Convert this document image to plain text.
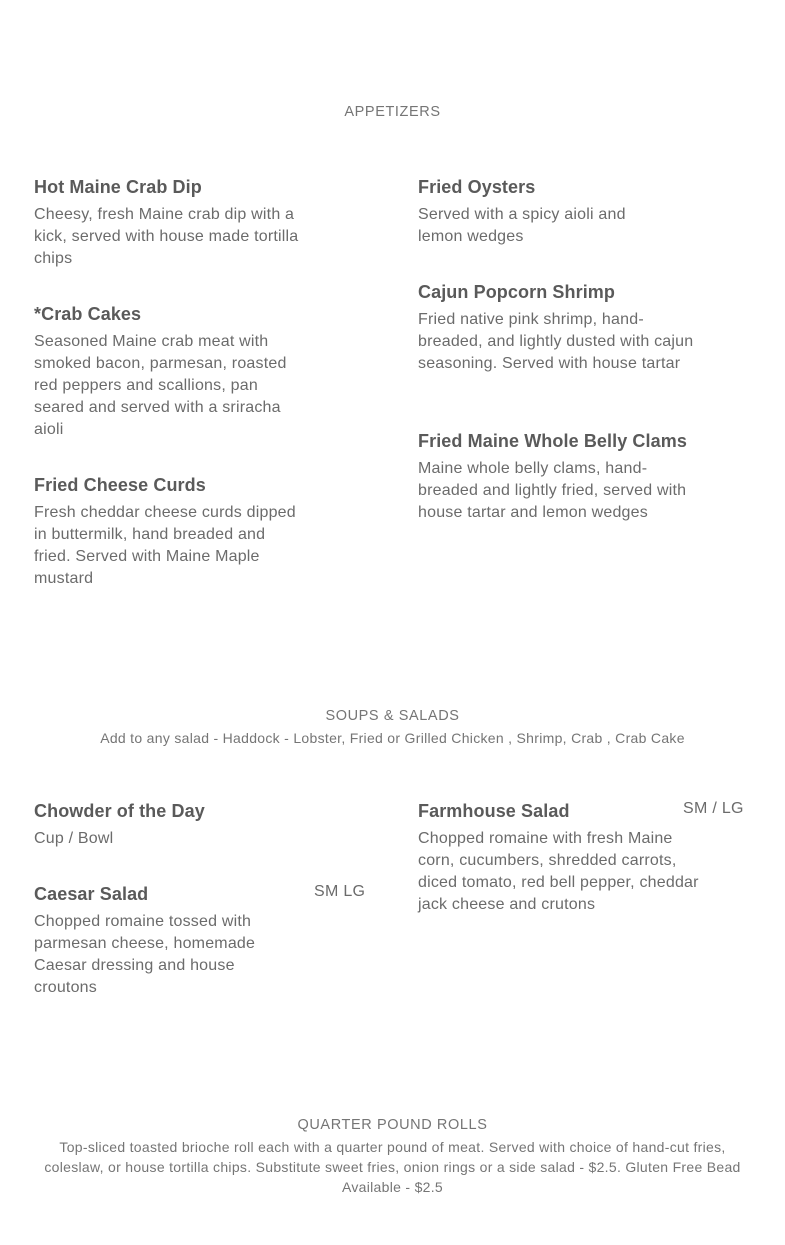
APPETIZERS
Hot Maine Crab Dip
Cheesy, fresh Maine crab dip with a kick, served with house made tortilla chips
*Crab Cakes
Seasoned Maine crab meat with smoked bacon, parmesan, roasted red peppers and scallions, pan seared and served with a sriracha aioli
Fried Cheese Curds
Fresh cheddar cheese curds dipped in buttermilk, hand breaded and fried. Served with Maine Maple mustard
Fried Oysters
Served with a spicy aioli and lemon wedges
Cajun Popcorn Shrimp
Fried native pink shrimp, hand-breaded, and lightly dusted with cajun seasoning. Served with house tartar
Fried Maine Whole Belly Clams
Maine whole belly clams, hand-breaded and lightly fried, served with house tartar and lemon wedges
SOUPS & SALADS
Add to any salad - Haddock - Lobster, Fried or Grilled Chicken , Shrimp, Crab , Crab Cake
Chowder of the Day
Cup / Bowl
Caesar Salad
Chopped romaine tossed with parmesan cheese, homemade Caesar dressing and house croutons
SM LG
Farmhouse Salad
Chopped romaine with fresh Maine corn, cucumbers, shredded carrots, diced tomato, red bell pepper, cheddar jack cheese and crutons
SM / LG
QUARTER POUND ROLLS
Top-sliced toasted brioche roll each with a quarter pound of meat. Served with choice of hand-cut fries, coleslaw, or house tortilla chips. Substitute sweet fries, onion rings or a side salad - $2.5. Gluten Free Bead Available - $2.5
